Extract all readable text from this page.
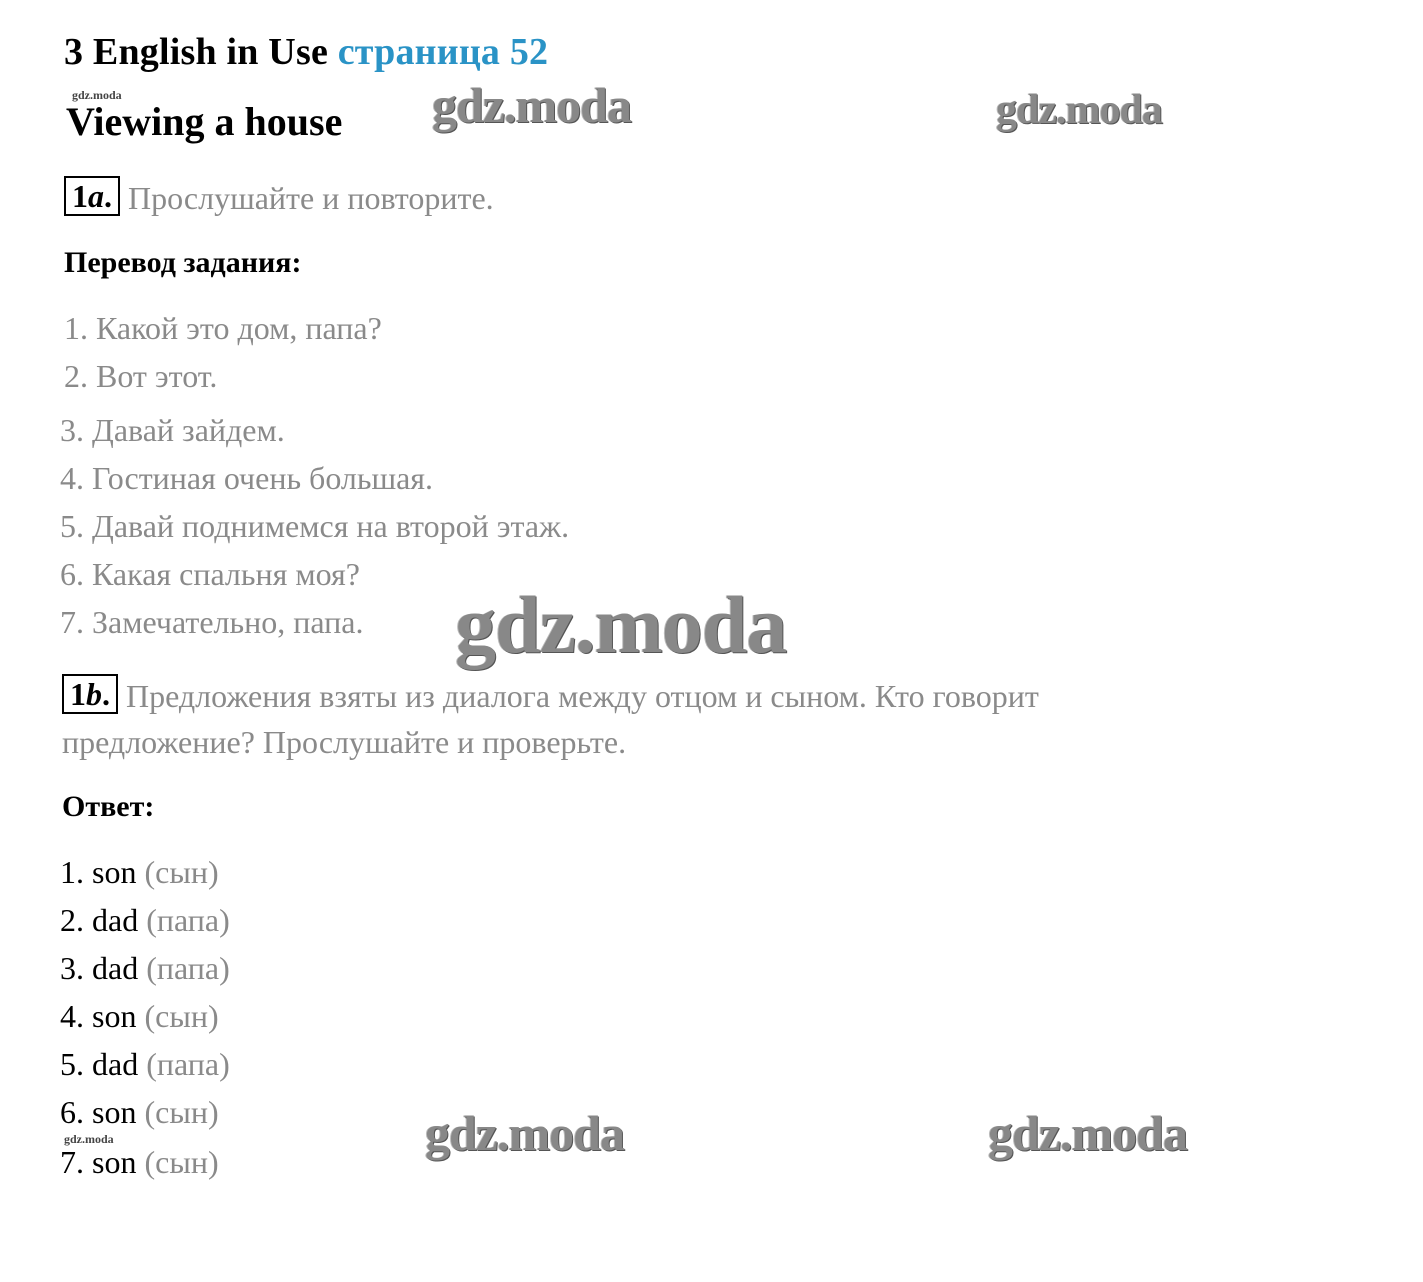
3 English in Use страница 52
gdz.moda
Viewing a house gdz.moda	gdz.moda
1a. Прослушайте и повторите.
Перевод задания:
1. Какой это дом, папа?
2. Вот этот.
3. Давай зайдем.
4. Гостиная очень большая.
5. Давай поднимемся на второй этаж.
6. Какая спальня моя?
7. Замечательно, папа. gdz.moda
1b. Предложения взяты из диалога между отцом и сыном. Кто говорит
предложение? Прослушайте и проверьте.
Ответ:
1. son (сын)
2. dad (папа)
3. dad (папа)
4. son (сын)
5. dad (папа)
6. son (сын)
gdz.moda
7. son (сын)
gdz.moda	gdz.moda
